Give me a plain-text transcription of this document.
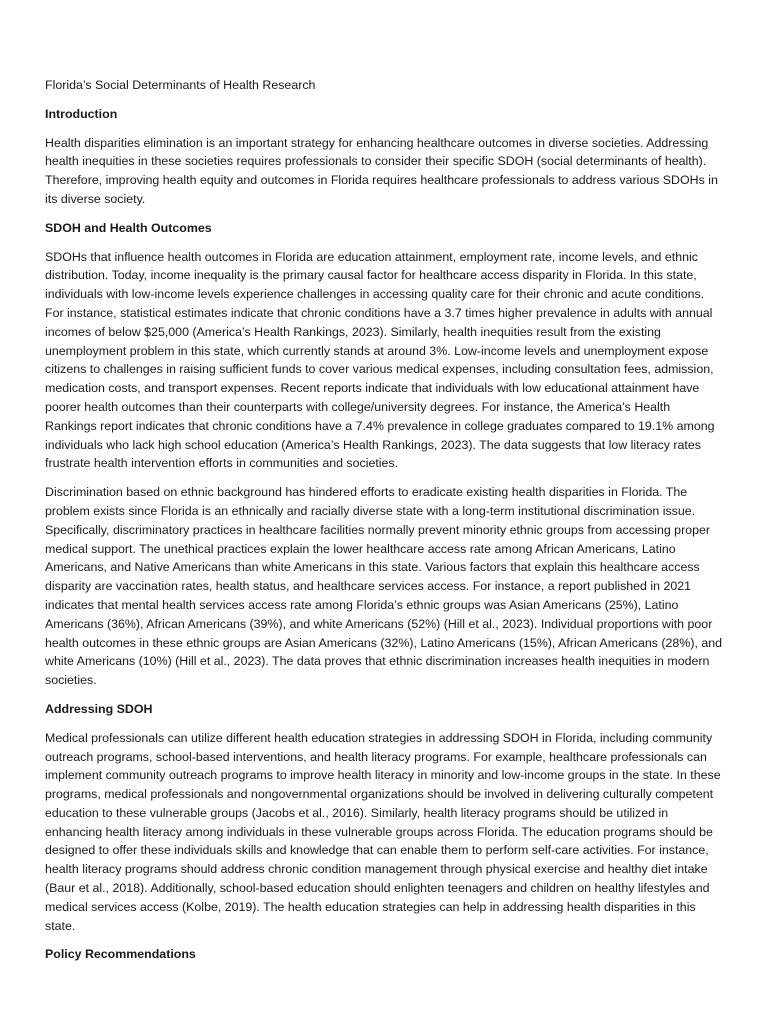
Florida’s Social Determinants of Health Research

Introduction

Health disparities elimination is an important strategy for enhancing healthcare outcomes in diverse societies. Addressing health inequities in these societies requires professionals to consider their specific SDOH (social determinants of health). Therefore, improving health equity and outcomes in Florida requires healthcare professionals to address various SDOHs in its diverse society.

SDOH and Health Outcomes

SDOHs that influence health outcomes in Florida are education attainment, employment rate, income levels, and ethnic distribution. Today, income inequality is the primary causal factor for healthcare access disparity in Florida. In this state, individuals with low-income levels experience challenges in accessing quality care for their chronic and acute conditions. For instance, statistical estimates indicate that chronic conditions have a 3.7 times higher prevalence in adults with annual incomes of below $25,000 (America’s Health Rankings, 2023). Similarly, health inequities result from the existing unemployment problem in this state, which currently stands at around 3%. Low-income levels and unemployment expose citizens to challenges in raising sufficient funds to cover various medical expenses, including consultation fees, admission, medication costs, and transport expenses. Recent reports indicate that individuals with low educational attainment have poorer health outcomes than their counterparts with college/university degrees. For instance, the America’s Health Rankings report indicates that chronic conditions have a 7.4% prevalence in college graduates compared to 19.1% among individuals who lack high school education (America’s Health Rankings, 2023). The data suggests that low literacy rates frustrate health intervention efforts in communities and societies.

Discrimination based on ethnic background has hindered efforts to eradicate existing health disparities in Florida. The problem exists since Florida is an ethnically and racially diverse state with a long-term institutional discrimination issue. Specifically, discriminatory practices in healthcare facilities normally prevent minority ethnic groups from accessing proper medical support. The unethical practices explain the lower healthcare access rate among African Americans, Latino Americans, and Native Americans than white Americans in this state. Various factors that explain this healthcare access disparity are vaccination rates, health status, and healthcare services access. For instance, a report published in 2021 indicates that mental health services access rate among Florida’s ethnic groups was Asian Americans (25%), Latino Americans (36%), African Americans (39%), and white Americans (52%) (Hill et al., 2023). Individual proportions with poor health outcomes in these ethnic groups are Asian Americans (32%), Latino Americans (15%), African Americans (28%), and white Americans (10%) (Hill et al., 2023). The data proves that ethnic discrimination increases health inequities in modern societies.

Addressing SDOH

Medical professionals can utilize different health education strategies in addressing SDOH in Florida, including community outreach programs, school-based interventions, and health literacy programs. For example, healthcare professionals can implement community outreach programs to improve health literacy in minority and low-income groups in the state. In these programs, medical professionals and nongovernmental organizations should be involved in delivering culturally competent education to these vulnerable groups (Jacobs et al., 2016). Similarly, health literacy programs should be utilized in enhancing health literacy among individuals in these vulnerable groups across Florida. The education programs should be designed to offer these individuals skills and knowledge that can enable them to perform self-care activities. For instance, health literacy programs should address chronic condition management through physical exercise and healthy diet intake (Baur et al., 2018). Additionally, school-based education should enlighten teenagers and children on healthy lifestyles and medical services access (Kolbe, 2019). The health education strategies can help in addressing health disparities in this state.

Policy Recommendations
